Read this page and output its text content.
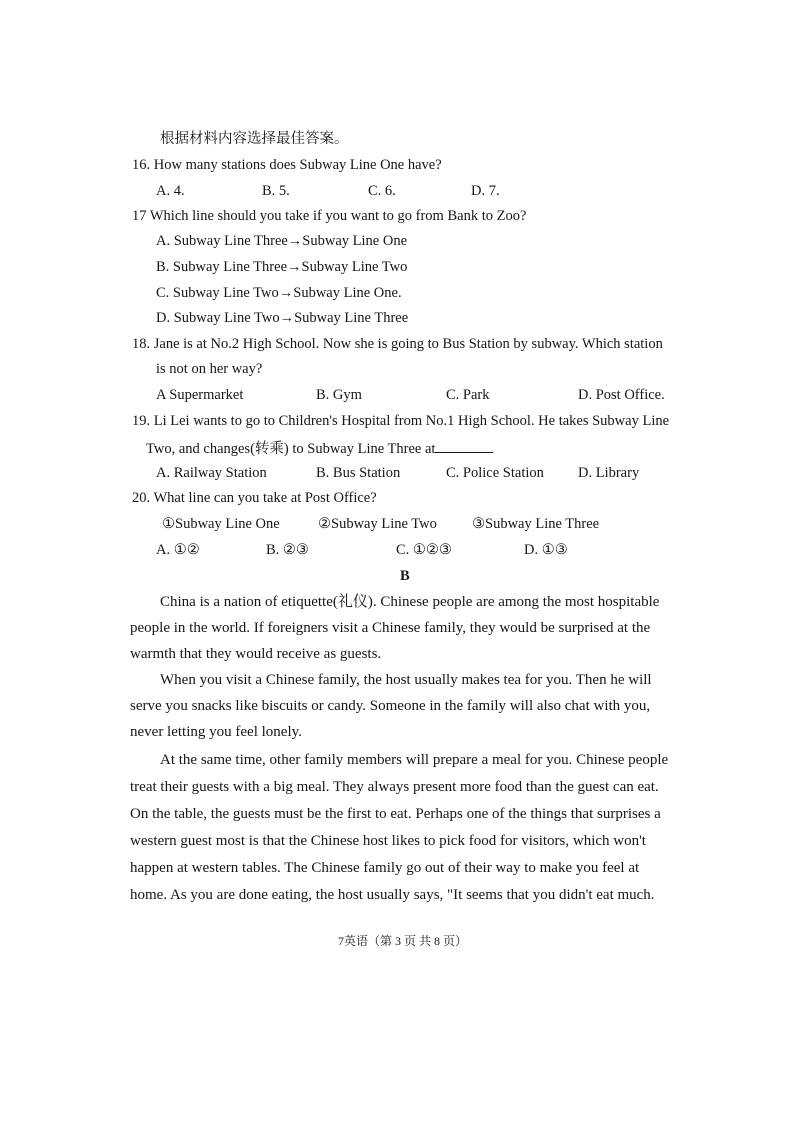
根据材料内容选择最佳答案。
16. How many stations does Subway Line One have?
A. 4.	B. 5.	C. 6.	D. 7.
17 Which line should you take if you want to go from Bank to Zoo?
A. Subway Line Three→Subway Line One
B. Subway Line Three→Subway Line Two
C. Subway Line Two→Subway Line One.
D. Subway Line Two→Subway Line Three
18. Jane is at No.2 High School. Now she is going to Bus Station by subway. Which station
is not on her way?
A Supermarket	B. Gym	C. Park	D. Post Office.
19. Li Lei wants to go to Children's Hospital from No.1 High School. He takes Subway Line
Two, and changes(转乘) to Subway Line Three at
A. Railway Station	B. Bus Station	C. Police Station D. Library
20. What line can you take at Post Office?
①Subway Line One	②Subway Line Two ③Subway Line Three
A. ①②	B. ②③	C. ①②③	D. ①③
B
China is a nation of etiquette(礼仪). Chinese people are among the most hospitable
people in the world. If foreigners visit a Chinese family, they would be surprised at the
warmth that they would receive as guests.
When you visit a Chinese family, the host usually makes tea for you. Then he will
serve you snacks like biscuits or candy. Someone in the family will also chat with you,
never letting you feel lonely.
At the same time, other family members will prepare a meal for you. Chinese people
treat their guests with a big meal. They always present more food than the guest can eat.
On the table, the guests must be the first to eat. Perhaps one of the things that surprises a
western guest most is that the Chinese host likes to pick food for visitors, which won't
happen at western tables. The Chinese family go out of their way to make you feel at
home. As you are done eating, the host usually says, "It seems that you didn't eat much.
7英语（第 3 页 共 8 页）
